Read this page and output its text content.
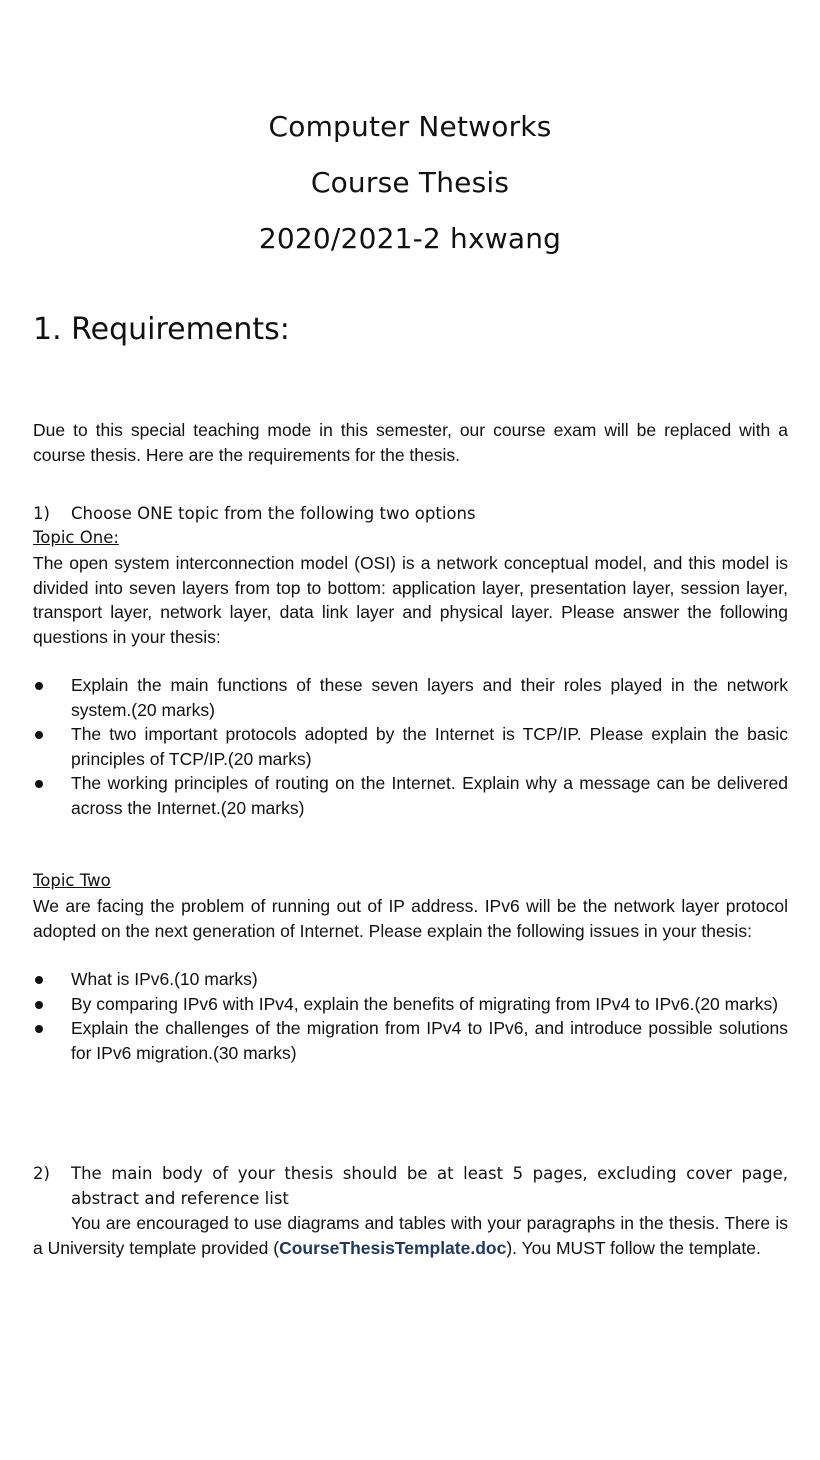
Computer Networks
Course Thesis
2020/2021-2 hxwang
1. Requirements:
Due to this special teaching mode in this semester, our course exam will be replaced with a course thesis. Here are the requirements for the thesis.
1) Choose ONE topic from the following two options
Topic One:
The open system interconnection model (OSI) is a network conceptual model, and this model is divided into seven layers from top to bottom: application layer, presentation layer, session layer, transport layer, network layer, data link layer and physical layer. Please answer the following questions in your thesis:
Explain the main functions of these seven layers and their roles played in the network system.(20 marks)
The two important protocols adopted by the Internet is TCP/IP. Please explain the basic principles of TCP/IP.(20 marks)
The working principles of routing on the Internet. Explain why a message can be delivered across the Internet.(20 marks)
Topic Two
We are facing the problem of running out of IP address. IPv6 will be the network layer protocol adopted on the next generation of Internet. Please explain the following issues in your thesis:
What is IPv6.(10 marks)
By comparing IPv6 with IPv4, explain the benefits of migrating from IPv4 to IPv6.(20 marks)
Explain the challenges of the migration from IPv4 to IPv6, and introduce possible solutions for IPv6 migration.(30 marks)
2) The main body of your thesis should be at least 5 pages, excluding cover page, abstract and reference list
You are encouraged to use diagrams and tables with your paragraphs in the thesis. There is a University template provided (CourseThesisTemplate.doc). You MUST follow the template.
